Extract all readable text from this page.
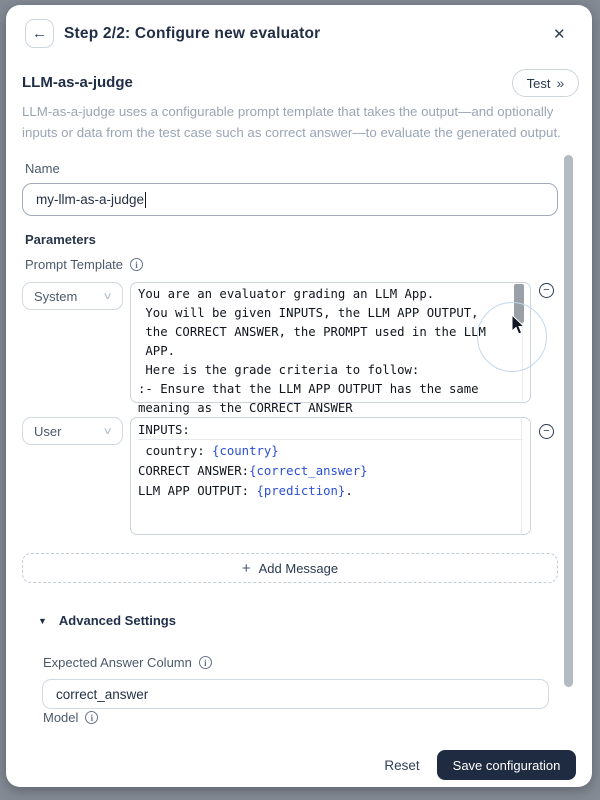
← Step 2/2: Configure new evaluator	✕
LLM-as-a-judge	Test »
LLM-as-a-judge uses a configurable prompt template that takes the output—and optionally
inputs or data from the test case such as correct answer—to evaluate the generated output.
Name
my-llm-as-a-judge
Parameters
Prompt Template	i
System ∨ You are an evaluator grading an LLM App.
You will be given INPUTS, the LLM APP OUTPUT,
the CORRECT ANSWER, the PROMPT used in the LLM
APP.
Here is the grade criteria to follow:
:- Ensure that the LLM APP OUTPUT has the same
meaning as the CORRECT ANSWER
−
User	∨ INPUTS:
country: {country}
CORRECT ANSWER:{correct_answer}
LLM APP OUTPUT: {prediction}.
−
+ Add Message
▼ Advanced Settings
Expected Answer Column	i
correct_answer
Model	i
Reset	Save configuration
